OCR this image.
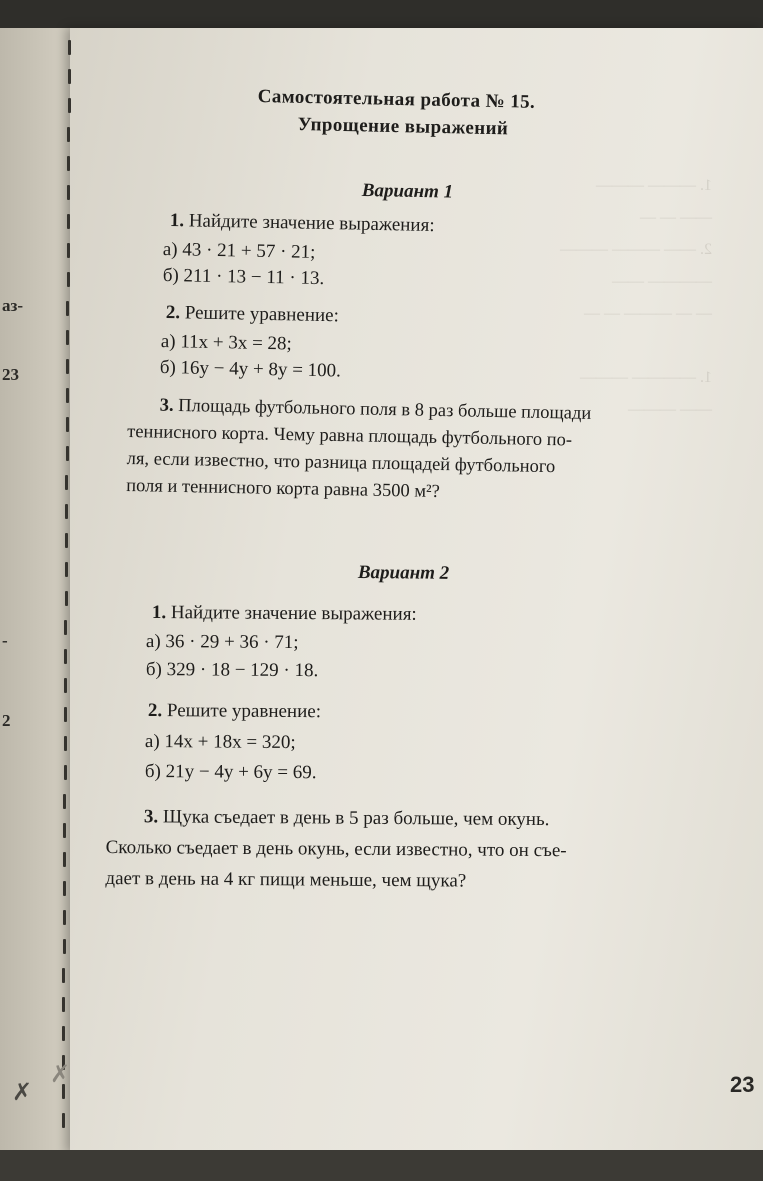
аз-
23
-
2
✗
✗
1. ——— ———
—— — —
2. —— ——— ———
———— ——
— — ——— — —

1. ———— ———
—— ———
Самостоятельная работа № 15.
Упрощение выражений
Вариант 1
1. Найдите значение выражения:
а) 43 · 21 + 57 · 21;
б) 211 · 13 − 11 · 13.
2. Решите уравнение:
а) 11x + 3x = 28;
б) 16y − 4y + 8y = 100.
3. Площадь футбольного поля в 8 раз больше площади
теннисного корта. Чему равна площадь футбольного по-
ля, если известно, что разница площадей футбольного
поля и теннисного корта равна 3500 м²?
Вариант 2
1. Найдите значение выражения:
а) 36 · 29 + 36 · 71;
б) 329 · 18 − 129 · 18.
2. Решите уравнение:
а) 14x + 18x = 320;
б) 21y − 4y + 6y = 69.
3. Щука съедает в день в 5 раз больше, чем окунь.
Сколько съедает в день окунь, если известно, что он съе-
дает в день на 4 кг пищи меньше, чем щука?
23
